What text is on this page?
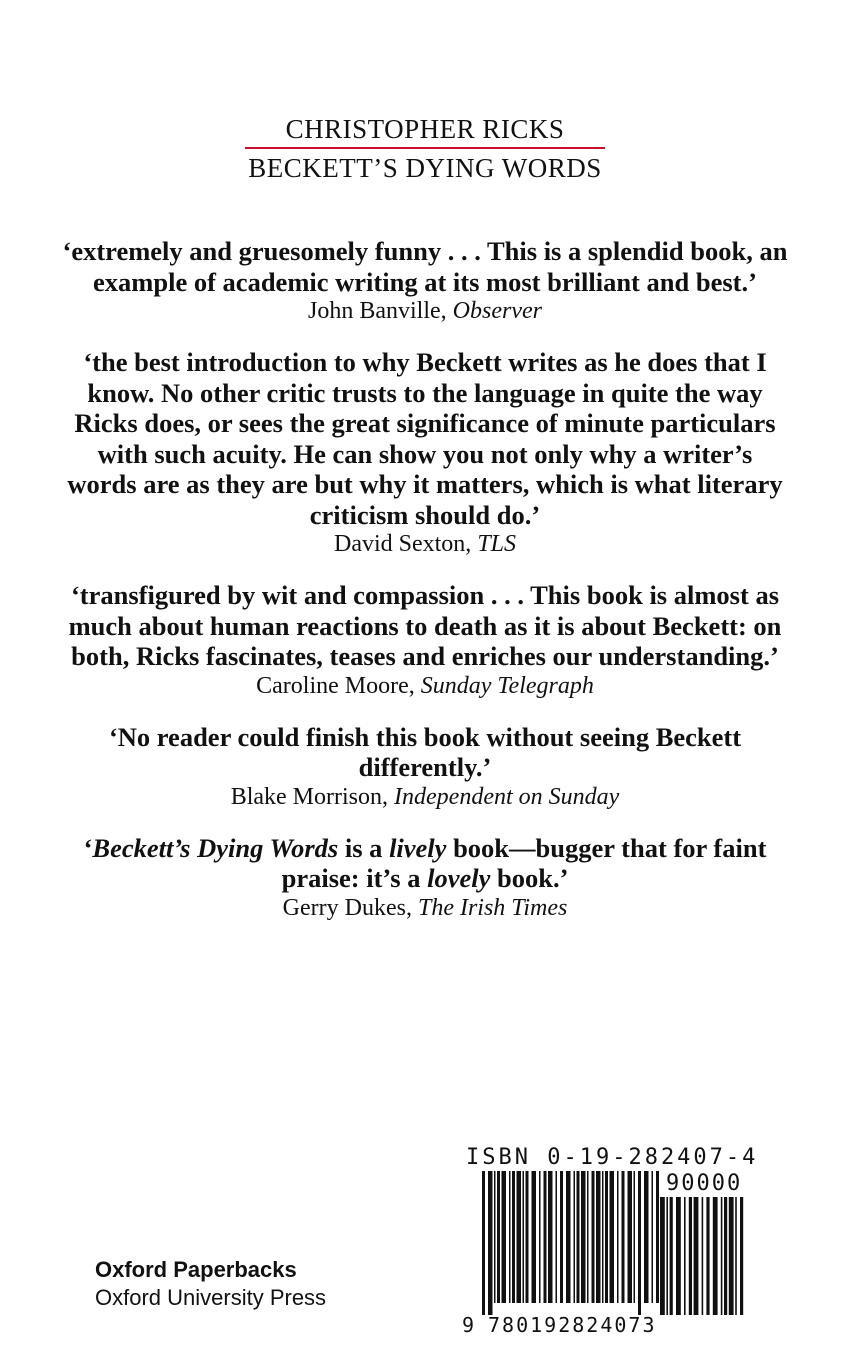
CHRISTOPHER RICKS
BECKETT’S DYING WORDS
‘extremely and gruesomely funny . . . This is a splendid book, an example of academic writing at its most brilliant and best.’
John Banville, Observer
‘the best introduction to why Beckett writes as he does that I know. No other critic trusts to the language in quite the way Ricks does, or sees the great significance of minute particulars with such acuity. He can show you not only why a writer’s words are as they are but why it matters, which is what literary criticism should do.’
David Sexton, TLS
‘transfigured by wit and compassion . . . This book is almost as much about human reactions to death as it is about Beckett: on both, Ricks fascinates, teases and enriches our understanding.’
Caroline Moore, Sunday Telegraph
‘No reader could finish this book without seeing Beckett differently.’
Blake Morrison, Independent on Sunday
‘Beckett’s Dying Words is a lively book—bugger that for faint praise: it’s a lovely book.’
Gerry Dukes, The Irish Times
Oxford Paperbacks
Oxford University Press
ISBN 0-19-282407-4
90000
9 780192824073
